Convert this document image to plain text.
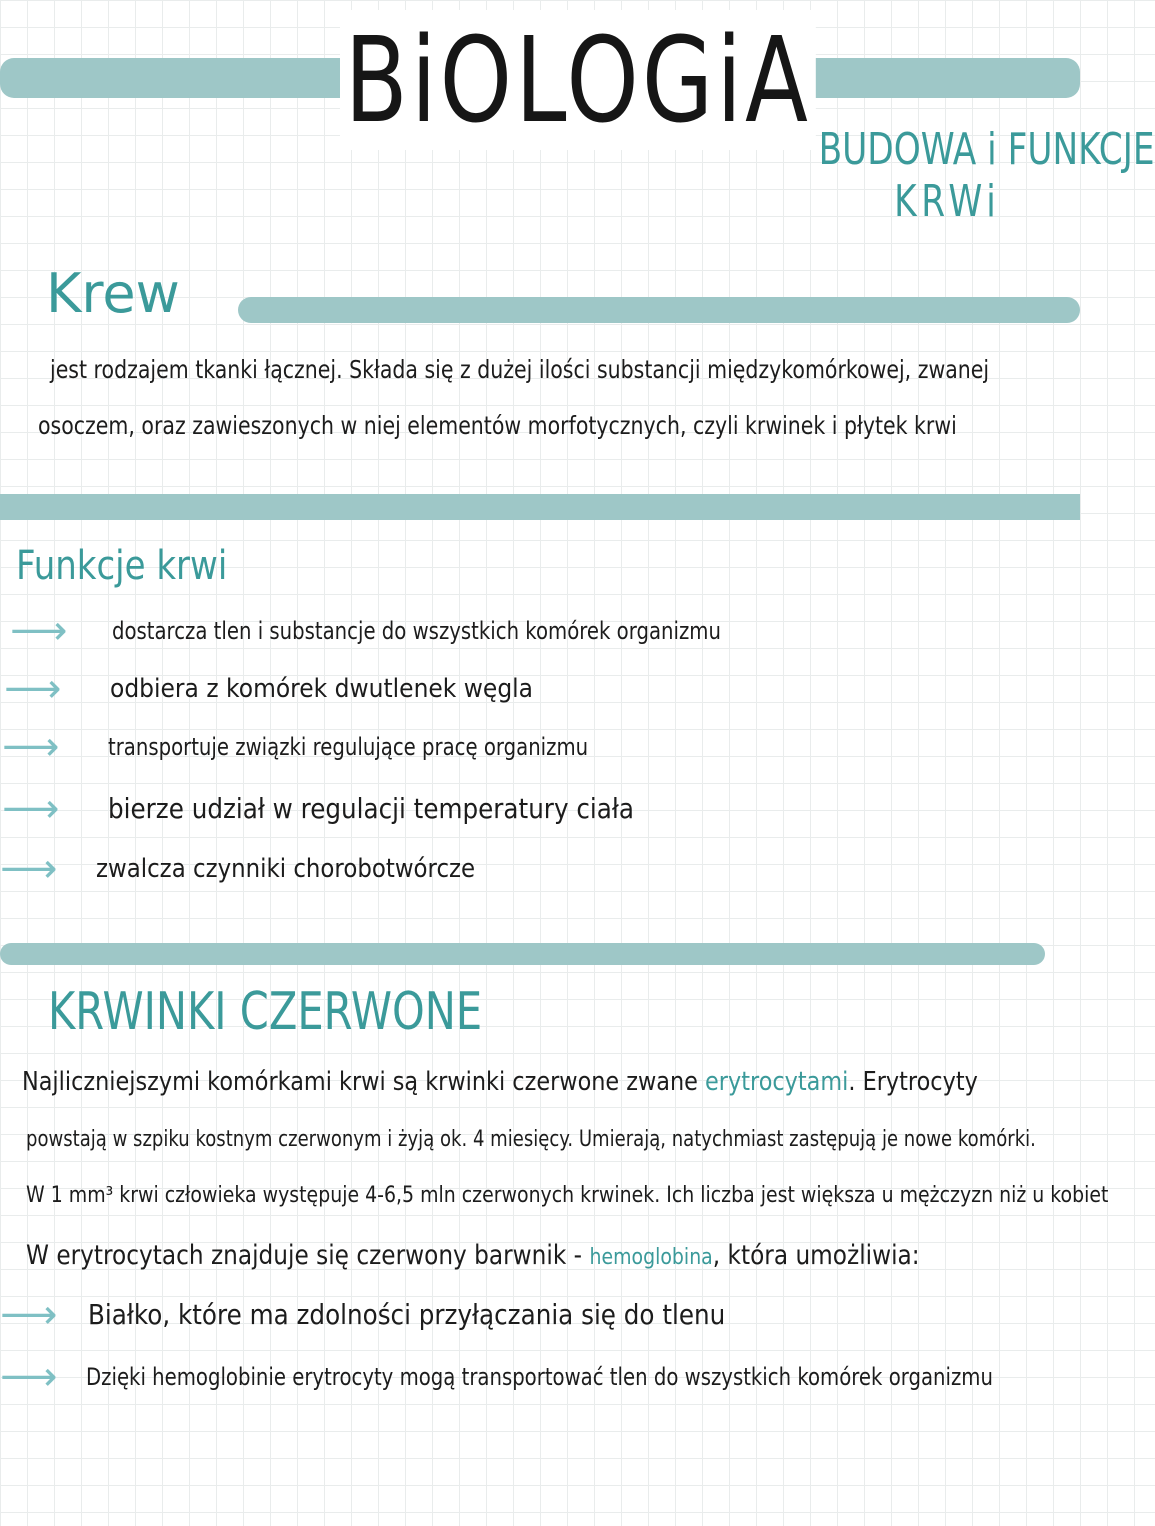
BiOLOGiA
BUDOWA i FUNKCJE
KRWi
Krew
jest rodzajem tkanki łącznej. Składa się z dużej ilości substancji międzykomórkowej, zwanej
osoczem, oraz zawieszonych w niej elementów morfotycznych, czyli krwinek i płytek krwi
Funkcje krwi
⟶ dostarcza tlen i substancje do wszystkich komórek organizmu
⟶ odbiera z komórek dwutlenek węgla
⟶ transportuje związki regulujące pracę organizmu
⟶ bierze udział w regulacji temperatury ciała
⟶ zwalcza czynniki chorobotwórcze
KRWINKI CZERWONE
Najliczniejszymi komórkami krwi są krwinki czerwone zwane erytrocytami. Erytrocyty
powstają w szpiku kostnym czerwonym i żyją ok. 4 miesięcy. Umierają, natychmiast zastępują je nowe komórki.
W 1 mm³ krwi człowieka występuje 4-6,5 mln czerwonych krwinek. Ich liczba jest większa u mężczyzn niż u kobiet
W erytrocytach znajduje się czerwony barwnik - hemoglobina, która umożliwia:
⟶ Białko, które ma zdolności przyłączania się do tlenu
⟶ Dzięki hemoglobinie erytrocyty mogą transportować tlen do wszystkich komórek organizmu
